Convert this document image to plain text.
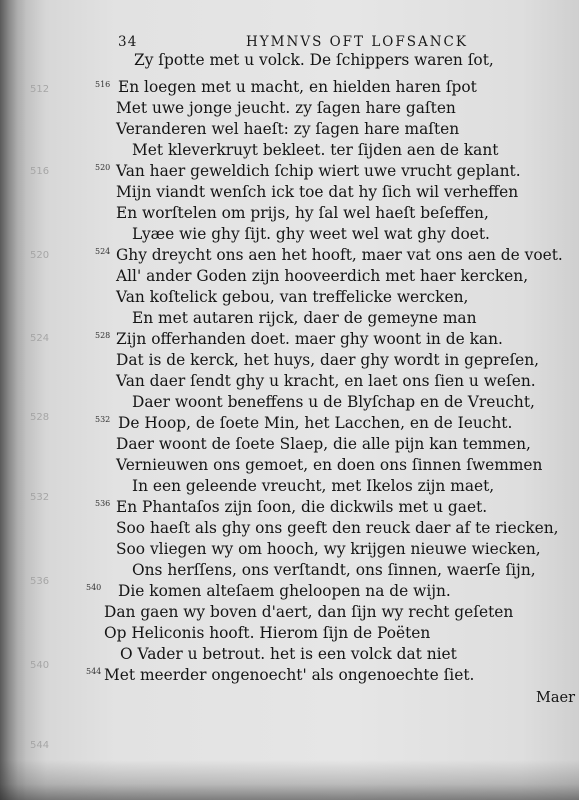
34	HYMNVS OFT LOFSANCK
Zy ſpotte met u volck. De ſchippers waren ſot,
En loegen met u macht, en hielden haren ſpot
Met uwe jonge jeucht. zy ſagen hare gaſten
Veranderen wel haeſt: zy ſagen hare maſten
Met kleverkruyt bekleet. ter ſijden aen de kant
Van haer geweldich ſchip wiert uwe vrucht geplant.
Mijn viandt wenſch ick toe dat hy ſich wil verheffen
En worſtelen om prijs, hy ſal wel haeſt beſeffen,
Lyæe wie ghy ſijt. ghy weet wel wat ghy doet.
Ghy dreycht ons aen het hooft, maer vat ons aen de voet.
All' ander Goden zijn hooveerdich met haer kercken,
Van koſtelick gebou, van treffelicke wercken,
En met autaren rijck, daer de gemeyne man
Zijn offerhanden doet. maer ghy woont in de kan.
Dat is de kerck, het huys, daer ghy wordt in gepreſen,
Van daer ſendt ghy u kracht, en laet ons ſien u weſen.
Daer woont beneffens u de Blyſchap en de Vreucht,
De Hoop, de ſoete Min, het Lacchen, en de Ieucht.
Daer woont de ſoete Slaep, die alle pijn kan temmen,
Vernieuwen ons gemoet, en doen ons ſinnen ſwemmen
In een geleende vreucht, met Ikelos zijn maet,
En Phantaſos zijn ſoon, die dickwils met u gaet.
Soo haeſt als ghy ons geeft den reuck daer af te riecken,
Soo vliegen wy om hooch, wy krijgen nieuwe wiecken,
Ons herſſens, ons verſtandt, ons ſinnen, waerſe ſijn,
Die komen alteſaem gheloopen na de wijn.
Dan gaen wy boven d'aert, dan ſijn wy recht geſeten
Op Heliconis hooft. Hierom ſijn de Poëten
O Vader u betrout. het is een volck dat niet
Met meerder ongenoecht' als ongenoechte ſiet.
516
520
524
528
532
536
540
544
512
516
520
524
528
532
536
540
544
Maer
